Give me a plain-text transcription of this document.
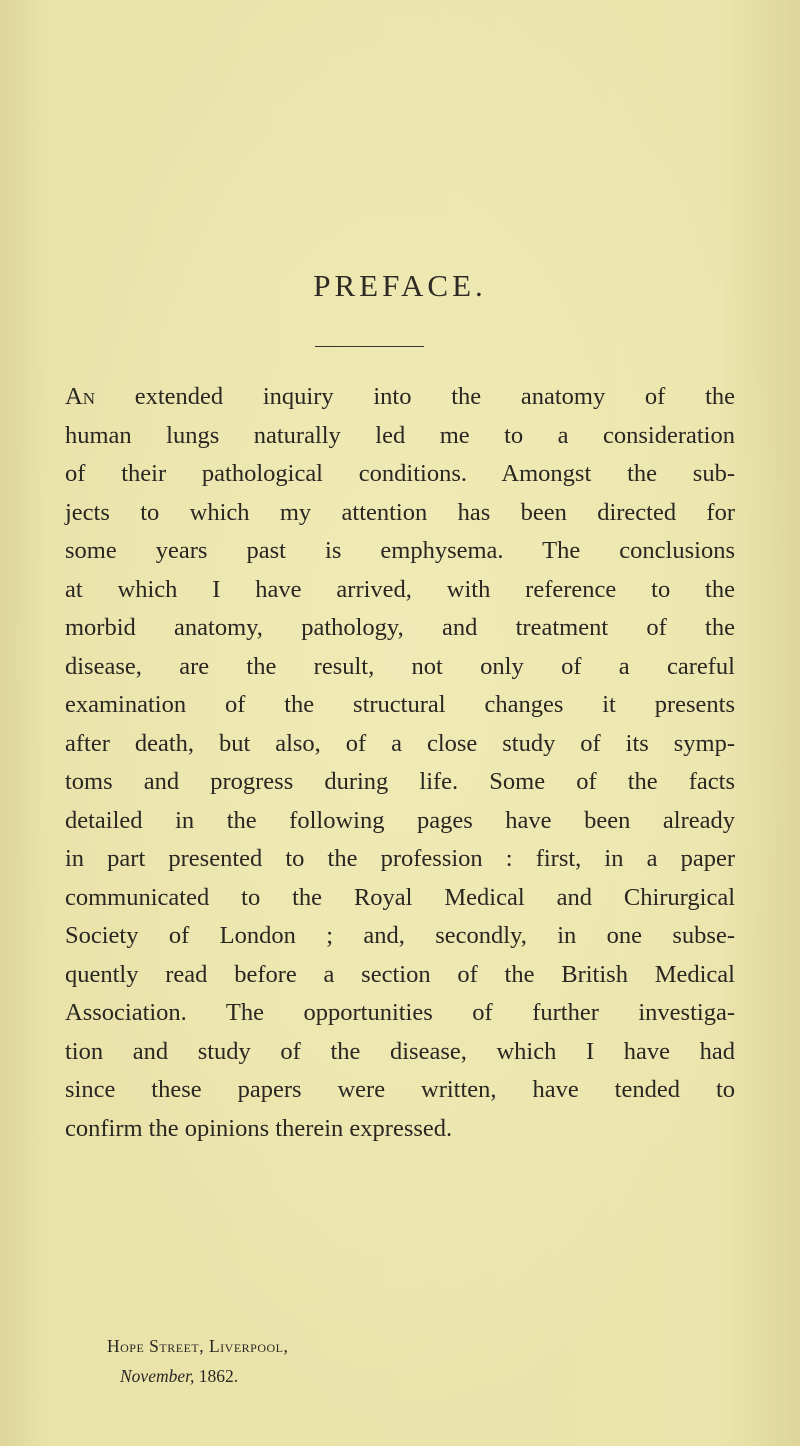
PREFACE.
An extended inquiry into the anatomy of the
human lungs naturally led me to a consideration
of their pathological conditions. Amongst the sub-
jects to which my attention has been directed for
some years past is emphysema. The conclusions
at which I have arrived, with reference to the
morbid anatomy, pathology, and treatment of the
disease, are the result, not only of a careful
examination of the structural changes it presents
after death, but also, of a close study of its symp-
toms and progress during life. Some of the facts
detailed in the following pages have been already
in part presented to the profession : first, in a paper
communicated to the Royal Medical and Chirurgical
Society of London ; and, secondly, in one subse-
quently read before a section of the British Medical
Association. The opportunities of further investiga-
tion and study of the disease, which I have had
since these papers were written, have tended to
confirm the opinions therein expressed.
Hope Street, Liverpool,
November, 1862.
